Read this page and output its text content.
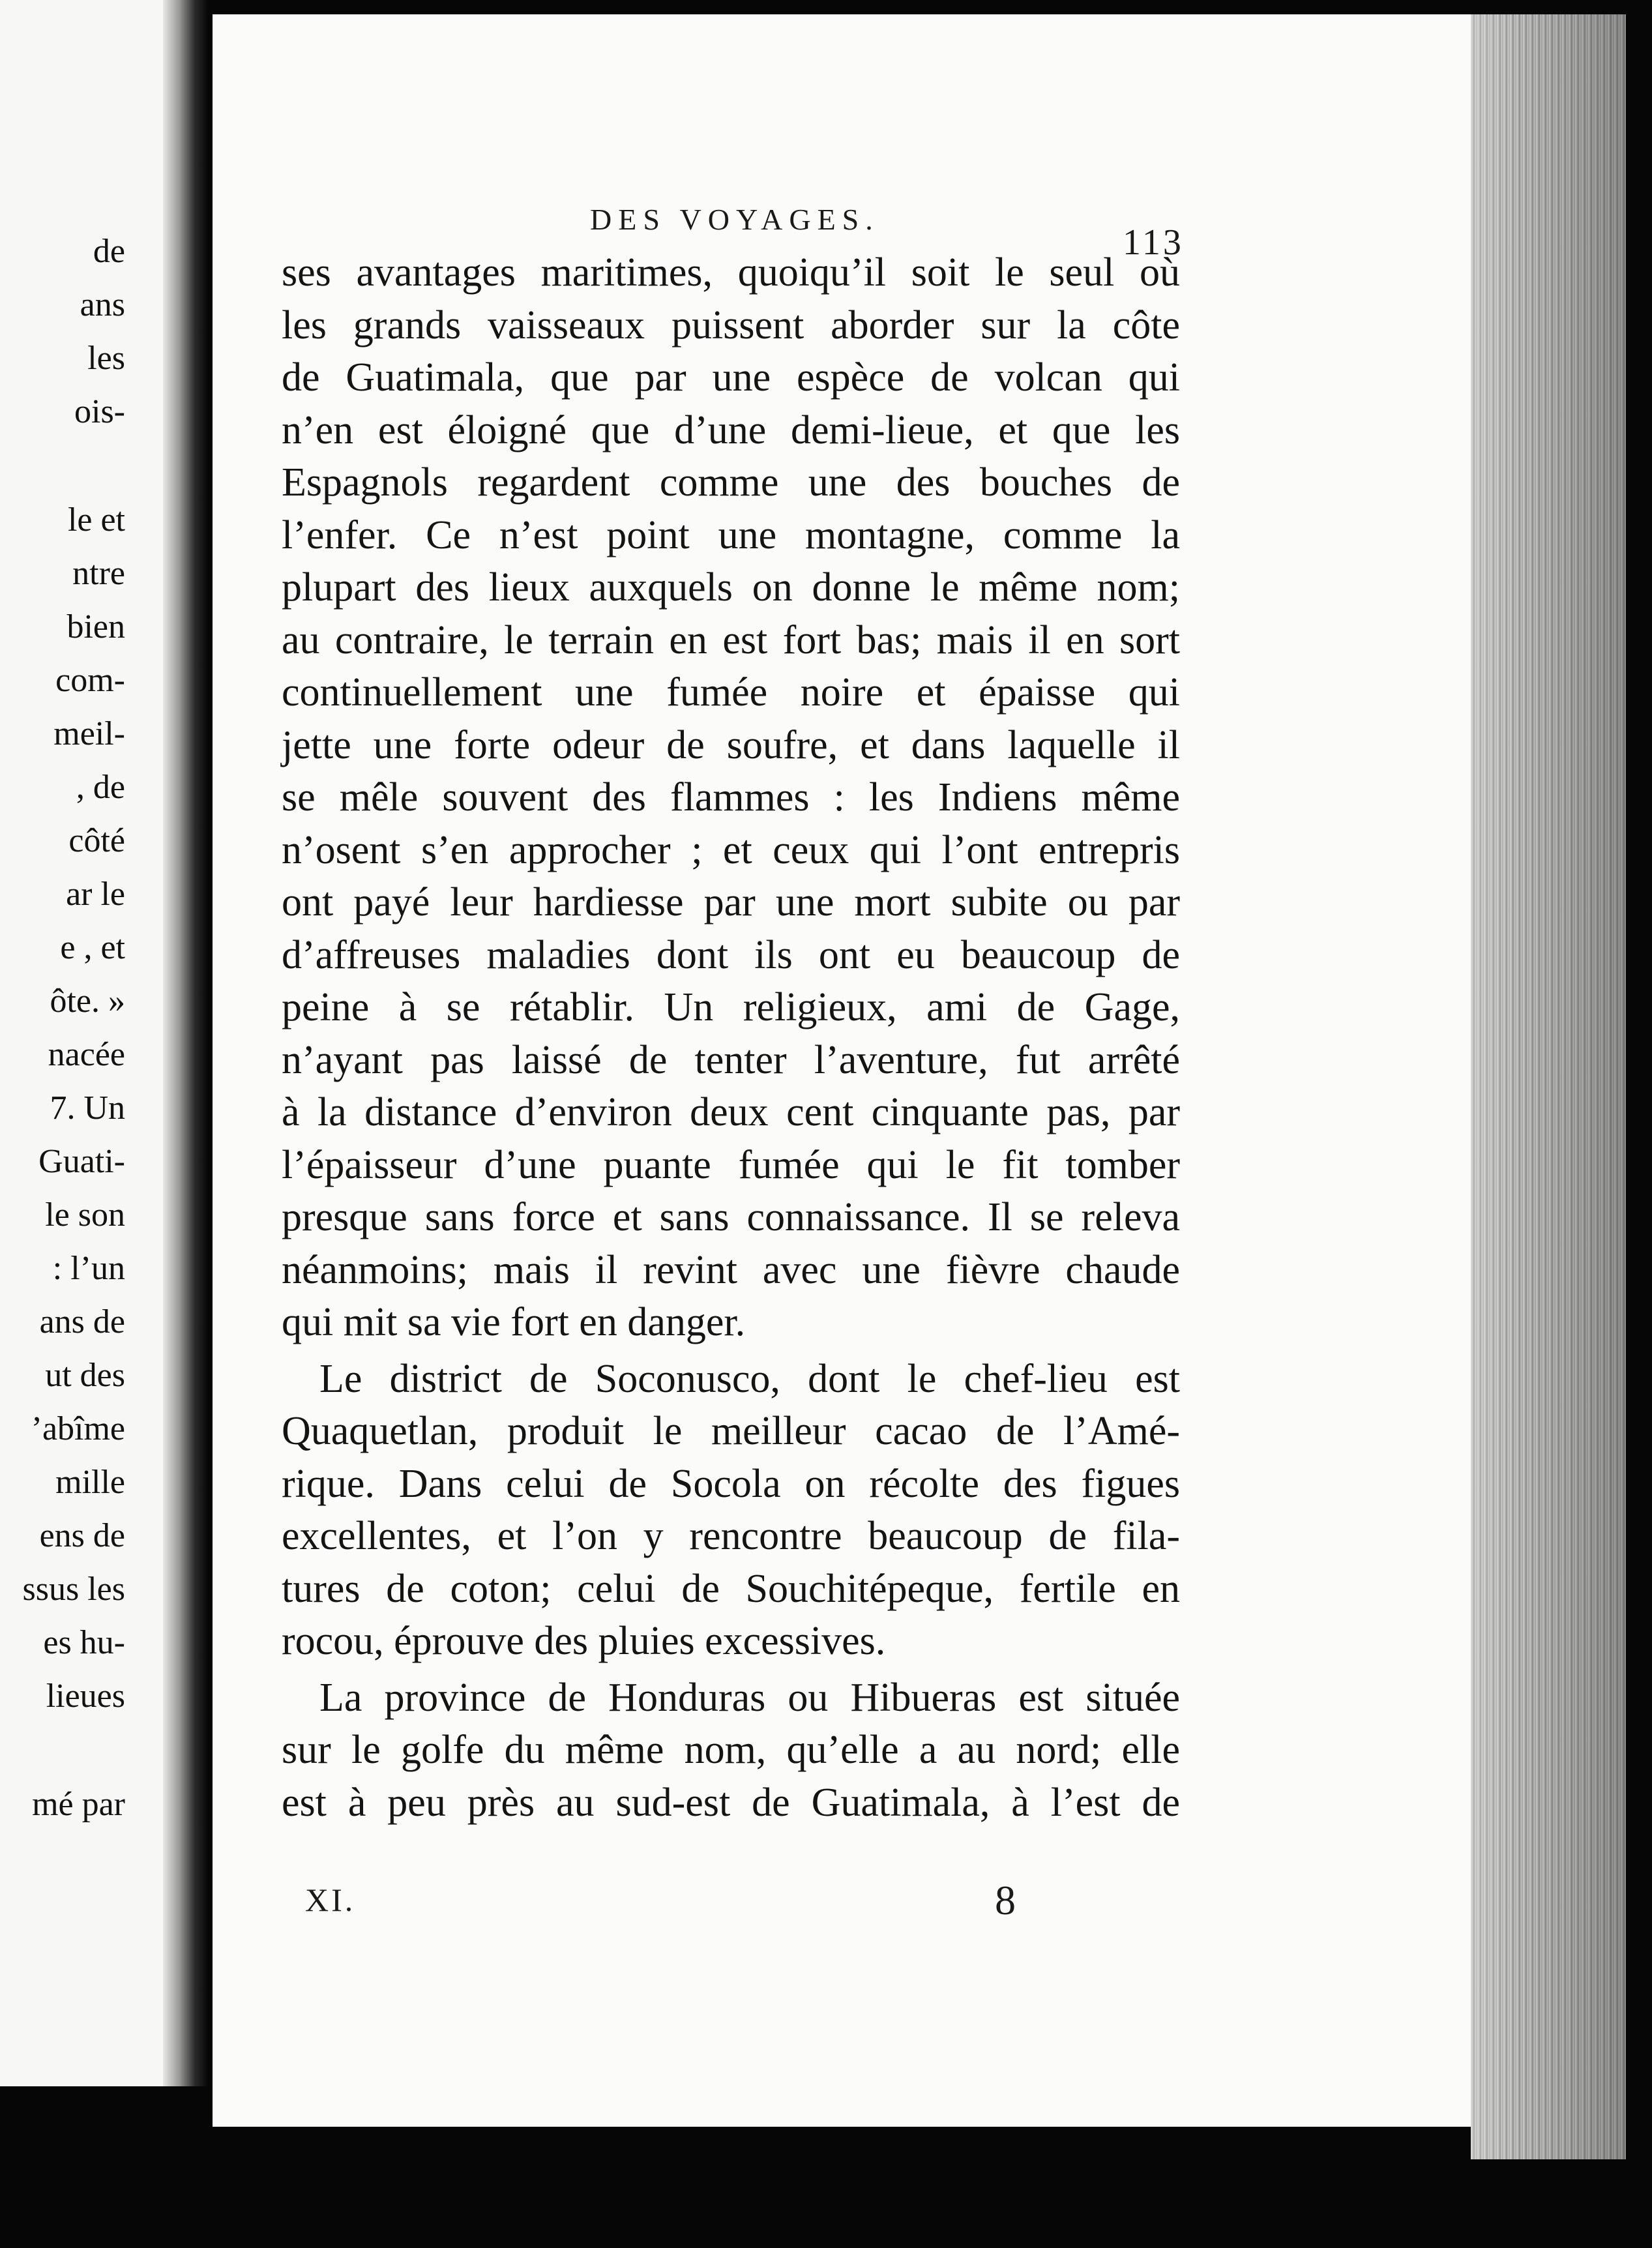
de
ans
les
ois-
le et
ntre
bien
com-
meil-
, de
côté
ar le
e , et
ôte. »
nacée
7. Un
Guati-
le son
: l’un
ans de
ut des
’abîme
mille
ens de
ssus les
es hu-
lieues
mé par
DES VOYAGES.
113
ses avantages maritimes, quoiqu’il soit le seul où
les grands vaisseaux puissent aborder sur la côte
de Guatimala, que par une espèce de volcan qui
n’en est éloigné que d’une demi-lieue, et que les
Espagnols regardent comme une des bouches de
l’enfer. Ce n’est point une montagne, comme la
plupart des lieux auxquels on donne le même nom;
au contraire, le terrain en est fort bas; mais il en sort
continuellement une fumée noire et épaisse qui
jette une forte odeur de soufre, et dans laquelle il
se mêle souvent des flammes : les Indiens même
n’osent s’en approcher ; et ceux qui l’ont entrepris
ont payé leur hardiesse par une mort subite ou par
d’affreuses maladies dont ils ont eu beaucoup de
peine à se rétablir. Un religieux, ami de Gage,
n’ayant pas laissé de tenter l’aventure, fut arrêté
à la distance d’environ deux cent cinquante pas, par
l’épaisseur d’une puante fumée qui le fit tomber
presque sans force et sans connaissance. Il se releva
néanmoins; mais il revint avec une fièvre chaude
qui mit sa vie fort en danger.
Le district de Soconusco, dont le chef-lieu est
Quaquetlan, produit le meilleur cacao de l’Amé-
rique. Dans celui de Socola on récolte des figues
excellentes, et l’on y rencontre beaucoup de fila-
tures de coton; celui de Souchitépeque, fertile en
rocou, éprouve des pluies excessives.
La province de Honduras ou Hibueras est située
sur le golfe du même nom, qu’elle a au nord; elle
est à peu près au sud-est de Guatimala, à l’est de
XI.	8
